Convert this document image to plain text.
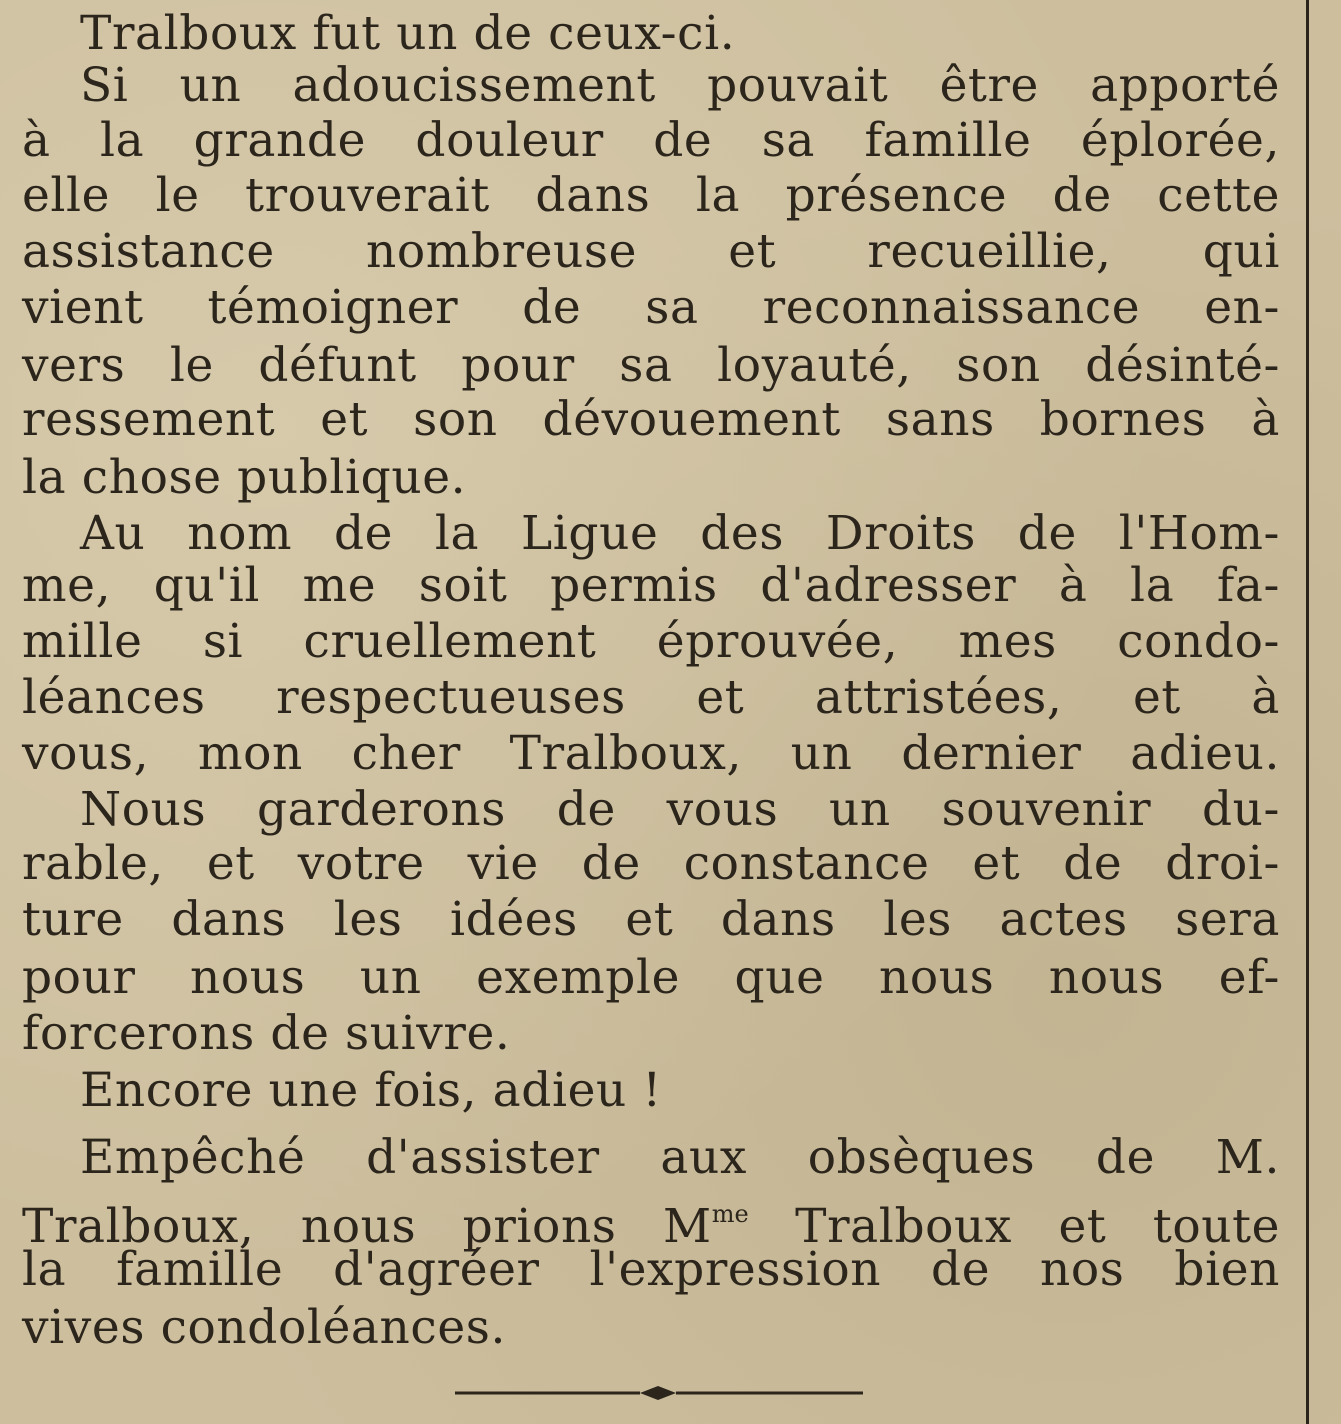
Tralboux fut un de ceux-ci.
Si un adoucissement pouvait être apporté
à la grande douleur de sa famille éplorée,
elle le trouverait dans la présence de cette
assistance nombreuse et recueillie, qui
vient témoigner de sa reconnaissance en-
vers le défunt pour sa loyauté, son désinté-
ressement et son dévouement sans bornes à
la chose publique.
Au nom de la Ligue des Droits de l'Hom-
me, qu'il me soit permis d'adresser à la fa-
mille si cruellement éprouvée, mes condo-
léances respectueuses et attristées, et à
vous, mon cher Tralboux, un dernier adieu.
Nous garderons de vous un souvenir du-
rable, et votre vie de constance et de droi-
ture dans les idées et dans les actes sera
pour nous un exemple que nous nous ef-
forcerons de suivre.
Encore une fois, adieu !
Empêché d'assister aux obsèques de M.
Tralboux, nous prions $M^{me}$ Tralboux et toute
la famille d'agréer l'expression de nos bien
vives condoléances.
